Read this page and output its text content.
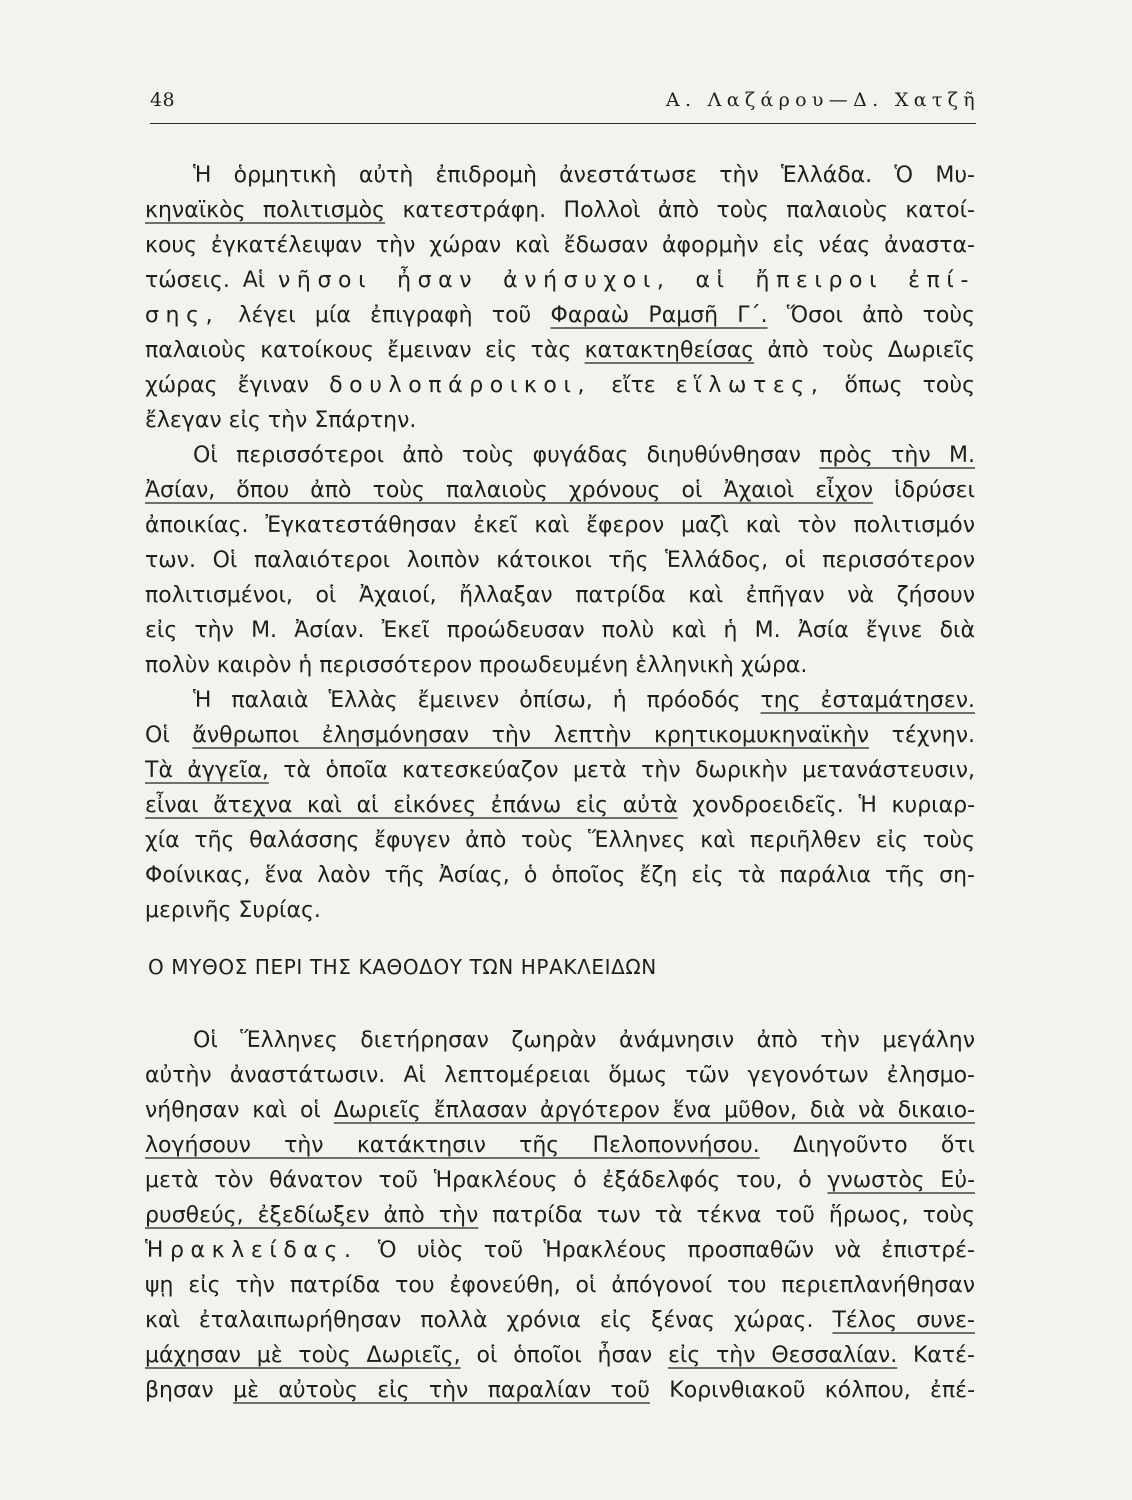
48	Α. Λαζάρου—Δ. Χατζῆ
Ἡ ὁρμητικὴ αὐτὴ ἐπιδρομὴ ἀνεστάτωσε τὴν Ἑλλάδα. Ὁ Μυ-
κηναϊκὸς πολιτισμὸς κατεστράφη. Πολλοὶ ἀπὸ τοὺς παλαιοὺς κατοί-
κους ἐγκατέλειψαν τὴν χώραν καὶ ἔδωσαν ἀφορμὴν εἰς νέας ἀναστα-
τώσεις. Αἱ νῆσοι ἦσαν ἀνήσυχοι, αἱ ἤπειροι ἐπί-
σης, λέγει μία ἐπιγραφὴ τοῦ Φαραὼ Ραμσῆ Γ΄. Ὅσοι ἀπὸ τοὺς
παλαιοὺς κατοίκους ἔμειναν εἰς τὰς κατακτηθείσας ἀπὸ τοὺς Δωριεῖς
χώρας ἔγιναν δουλοπάροικοι, εἴτε εἵλωτες, ὅπως τοὺς
ἔλεγαν εἰς τὴν Σπάρτην.
Οἱ περισσότεροι ἀπὸ τοὺς φυγάδας διηυθύνθησαν πρὸς τὴν Μ.
Ἀσίαν, ὅπου ἀπὸ τοὺς παλαιοὺς χρόνους οἱ Ἀχαιοὶ εἶχον ἱδρύσει
ἀποικίας. Ἐγκατεστάθησαν ἐκεῖ καὶ ἔφερον μαζὶ καὶ τὸν πολιτισμόν
των. Οἱ παλαιότεροι λοιπὸν κάτοικοι τῆς Ἑλλάδος, οἱ περισσότερον
πολιτισμένοι, οἱ Ἀχαιοί, ἤλλαξαν πατρίδα καὶ ἐπῆγαν νὰ ζήσουν
εἰς τὴν Μ. Ἀσίαν. Ἐκεῖ προώδευσαν πολὺ καὶ ἡ Μ. Ἀσία ἔγινε διὰ
πολὺν καιρὸν ἡ περισσότερον προωδευμένη ἑλληνικὴ χώρα.
Ἡ παλαιὰ Ἑλλὰς ἔμεινεν ὀπίσω, ἡ πρόοδός της ἐσταμάτησεν.
Οἱ ἄνθρωποι ἐλησμόνησαν τὴν λεπτὴν κρητικομυκηναϊκὴν τέχνην.
Τὰ ἀγγεῖα, τὰ ὁποῖα κατεσκεύαζον μετὰ τὴν δωρικὴν μετανάστευσιν,
εἶναι ἄτεχνα καὶ αἱ εἰκόνες ἐπάνω εἰς αὐτὰ χονδροειδεῖς. Ἡ κυριαρ-
χία τῆς θαλάσσης ἔφυγεν ἀπὸ τοὺς Ἕλληνες καὶ περιῆλθεν εἰς τοὺς
Φοίνικας, ἕνα λαὸν τῆς Ἀσίας, ὁ ὁποῖος ἔζη εἰς τὰ παράλια τῆς ση-
μερινῆς Συρίας.
Ο ΜΥΘΟΣ ΠΕΡΙ ΤΗΣ ΚΑΘΟΔΟΥ ΤΩΝ ΗΡΑΚΛΕΙΔΩΝ
Οἱ Ἕλληνες διετήρησαν ζωηρὰν ἀνάμνησιν ἀπὸ τὴν μεγάλην
αὐτὴν ἀναστάτωσιν. Αἱ λεπτομέρειαι ὅμως τῶν γεγονότων ἐλησμο-
νήθησαν καὶ οἱ Δωριεῖς ἔπλασαν ἀργότερον ἕνα μῦθον, διὰ νὰ δικαιο-
λογήσουν τὴν κατάκτησιν τῆς Πελοποννήσου. Διηγοῦντο ὅτι
μετὰ τὸν θάνατον τοῦ Ἡρακλέους ὁ ἐξάδελφός του, ὁ γνωστὸς Εὐ-
ρυσθεύς, ἐξεδίωξεν ἀπὸ τὴν πατρίδα των τὰ τέκνα τοῦ ἥρωος, τοὺς
Ἡρακλείδας. Ὁ υἱὸς τοῦ Ἡρακλέους προσπαθῶν νὰ ἐπιστρέ-
ψῃ εἰς τὴν πατρίδα του ἐφονεύθη, οἱ ἀπόγονοί του περιεπλανήθησαν
καὶ ἐταλαιπωρήθησαν πολλὰ χρόνια εἰς ξένας χώρας. Τέλος συνε-
μάχησαν μὲ τοὺς Δωριεῖς, οἱ ὁποῖοι ἦσαν εἰς τὴν Θεσσαλίαν. Κατέ-
βησαν μὲ αὐτοὺς εἰς τὴν παραλίαν τοῦ Κορινθιακοῦ κόλπου, ἐπέ-
